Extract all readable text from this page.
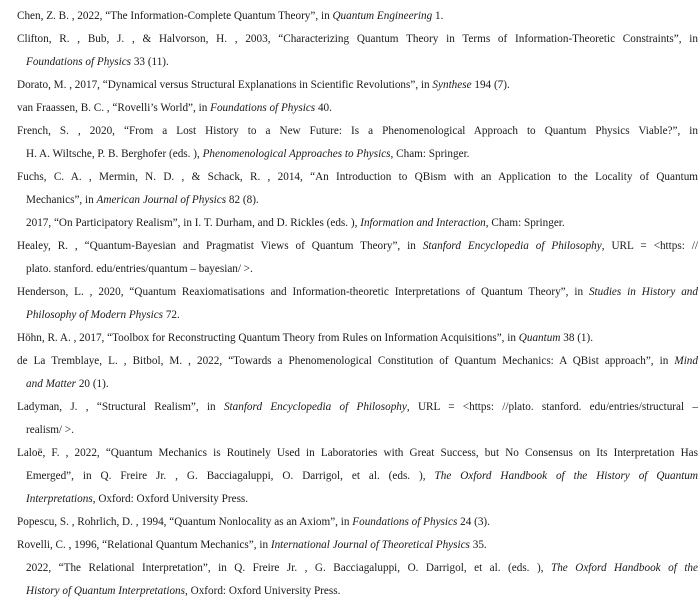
Chen, Z. B. , 2022, “The Information-Complete Quantum Theory”, in Quantum Engineering 1.
Clifton, R. , Bub, J. , & Halvorson, H. , 2003, “Characterizing Quantum Theory in Terms of Information-Theoretic Constraints”, in
Foundations of Physics 33 (11).
Dorato, M. , 2017, “Dynamical versus Structural Explanations in Scientific Revolutions”, in Synthese 194 (7).
van Fraassen, B. C. , “Rovelli’s World”, in Foundations of Physics 40.
French, S. , 2020, “From a Lost History to a New Future: Is a Phenomenological Approach to Quantum Physics Viable?”, in
H. A. Wiltsche, P. B. Berghofer (eds. ), Phenomenological Approaches to Physics, Cham: Springer.
Fuchs, C. A. , Mermin, N. D. , & Schack, R. , 2014, “An Introduction to QBism with an Application to the Locality of Quantum
Mechanics”, in American Journal of Physics 82 (8).
2017, “On Participatory Realism”, in I. T. Durham, and D. Rickles (eds. ), Information and Interaction, Cham: Springer.
Healey, R. , “Quantum-Bayesian and Pragmatist Views of Quantum Theory”, in Stanford Encyclopedia of Philosophy, URL = <https: //
plato. stanford. edu/entries/quantum – bayesian/ >.
Henderson, L. , 2020, “Quantum Reaxiomatisations and Information-theoretic Interpretations of Quantum Theory”, in Studies in History and
Philosophy of Modern Physics 72.
Höhn, R. A. , 2017, “Toolbox for Reconstructing Quantum Theory from Rules on Information Acquisitions”, in Quantum 38 (1).
de La Tremblaye, L. , Bitbol, M. , 2022, “Towards a Phenomenological Constitution of Quantum Mechanics: A QBist approach”, in Mind
and Matter 20 (1).
Ladyman, J. , “Structural Realism”, in Stanford Encyclopedia of Philosophy, URL = <https: //plato. stanford. edu/entries/structural –
realism/ >.
Laloë, F. , 2022, “Quantum Mechanics is Routinely Used in Laboratories with Great Success, but No Consensus on Its Interpretation Has
Emerged”, in Q. Freire Jr. , G. Bacciagaluppi, O. Darrigol, et al. (eds. ), The Oxford Handbook of the History of Quantum
Interpretations, Oxford: Oxford University Press.
Popescu, S. , Rohrlich, D. , 1994, “Quantum Nonlocality as an Axiom”, in Foundations of Physics 24 (3).
Rovelli, C. , 1996, “Relational Quantum Mechanics”, in International Journal of Theoretical Physics 35.
2022, “The Relational Interpretation”, in Q. Freire Jr. , G. Bacciagaluppi, O. Darrigol, et al. (eds. ), The Oxford Handbook of the
History of Quantum Interpretations, Oxford: Oxford University Press.
